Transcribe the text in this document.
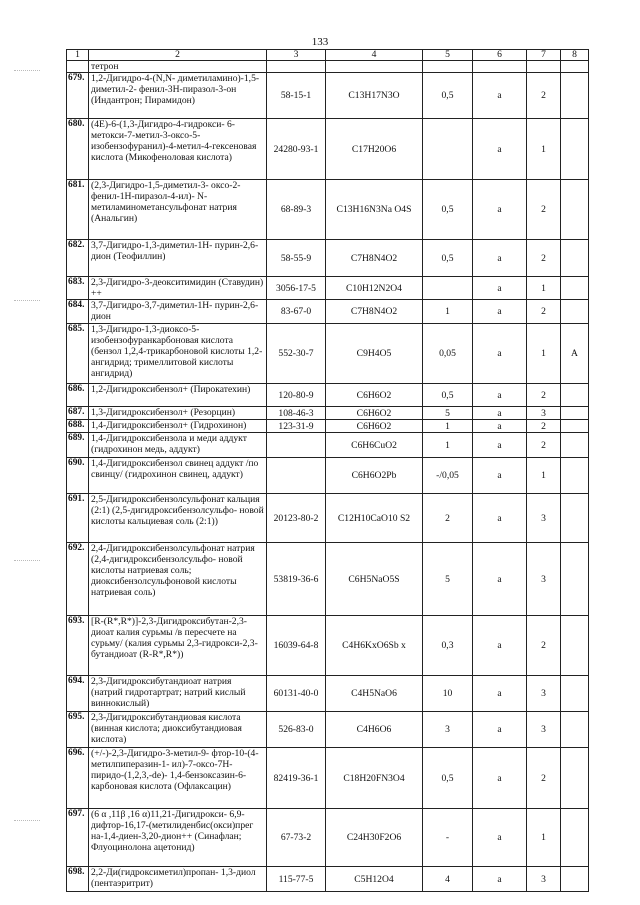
133
1	2	3	4	5	6	7	8
	тетрон						
679.	1,2-Дигидро-4-(N,N- диметиламино)-1,5-диметил-2- фенил-3Н-пиразол-3-он (Индантрон; Пирамидон)	58-15-1	C13H17N3O	0,5	а	2	
680.	(4Е)-6-(1,3-Дигидро-4-гидрокси- 6-метокси-7-метил-3-оксо-5-изобензофуранил)-4-метил-4-гексеновая кислота (Микофеноловая кислота)	24280-93-1	C17H20O6		а	1	
681.	(2,3-Дигидро-1,5-диметил-3- оксо-2-фенил-1Н-пиразол-4-ил)- N-метиламинометансульфонат натрия (Анальгин)	68-89-3	C13H16N3Na O4S	0,5	а	2	
682.	3,7-Дигидро-1,3-диметил-1Н- пурин-2,6-дион (Теофиллин)	58-55-9	C7H8N4O2	0,5	а	2	
683.	2,3-Дигидро-3-деокситимидин (Ставудин) ++	3056-17-5	C10H12N2O4		а	1	
684.	3,7-Дигидро-3,7-диметил-1Н- пурин-2,6-дион	83-67-0	C7H8N4O2	1	а	2	
685.	1,3-Дигидро-1,3-диоксо-5-изобензофуранкарбоновая кислота (бензол 1,2,4-трикарбоновой кислоты 1,2-ангидрид; тримеллитовой кислоты ангидрид)	552-30-7	C9H4O5	0,05	а	1	А
686.	1,2-Дигидроксибензол+ (Пирокатехин)	120-80-9	C6H6O2	0,5	а	2	
687.	1,3-Дигидроксибензол+ (Резорцин)	108-46-3	C6H6O2	5	а	3	
688.	1,4-Дигидроксибензол+ (Гидрохинон)	123-31-9	C6H6O2	1	а	2	
689.	1,4-Дигидроксибензола и меди аддукт (гидрохинон медь, аддукт)		C6H6CuO2	1	а	2	
690.	1,4-Дигидроксибензол свинец аддукт /по свинцу/ (гидрохинон свинец, аддукт)		C6H6O2Pb	-/0,05	а	1	
691.	2,5-Дигидроксибензолсульфонат кальция (2:1) (2,5-дигидроксибензолсульфо- новой кислоты кальциевая соль (2:1))	20123-80-2	C12H10CaO10 S2	2	а	3	
692.	2,4-Дигидроксибензолсульфонат натрия (2,4-дигидроксибензолсульфо- новой кислоты натриевая соль; диоксибензолсульфоновой кислоты натриевая соль)	53819-36-6	C6H5NaO5S	5	а	3	
693.	[R-(R*,R*)]-2,3-Дигидроксибутан-2,3-диоат калия сурьмы /в пересчете на сурьму/ (калия сурьмы 2,3-гидрокси-2,3-бутандиоат (R-R*,R*))	16039-64-8	C4H6KxO6Sb x	0,3	а	2	
694.	2,3-Дигидроксибутандиоат натрия (натрий гидротартрат; натрий кислый виннокислый)	60131-40-0	C4H5NaO6	10	а	3	
695.	2,3-Дигидроксибутандиовая кислота (винная кислота; диоксибутандиовая кислота)	526-83-0	C4H6O6	3	а	3	
696.	(+/-)-2,3-Дигидро-3-метил-9- фтор-10-(4-метилпиперазин-1- ил)-7-оксо-7Н-пиридо-(1,2,3,-de)- 1,4-бензоксазин-6-карбоновая кислота (Офлаксацин)	82419-36-1	C18H20FN3O4	0,5	а	2	
697.	(6 α ,11β ,16 α)11,21-Дигидрокси- 6,9-дифтор-16,17-(метилиденбис(окси)прег на-1,4-диен-3,20-дион++ (Синафлан; Флуоцинолона ацетонид)	67-73-2	C24H30F2O6	-	а	1	
698.	2,2-Ди(гидроксиметил)пропан- 1,3-диол (пентаэритрит)	115-77-5	C5H12O4	4	а	3	
